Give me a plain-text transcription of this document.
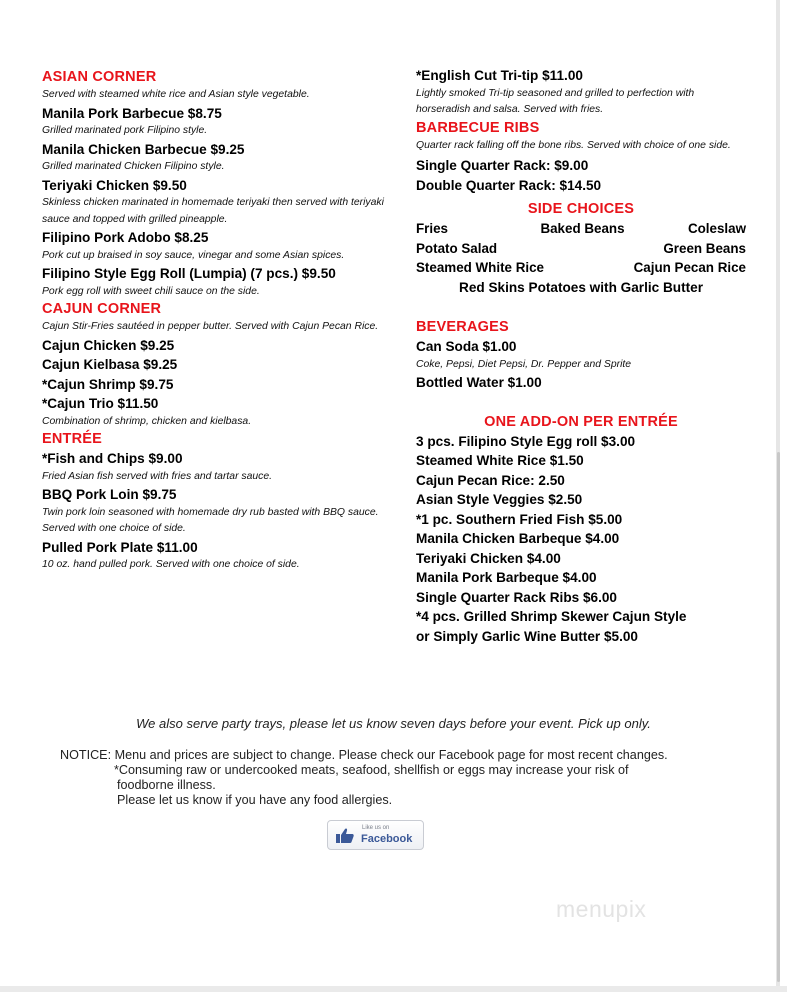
ASIAN CORNER
Served with steamed white rice and Asian style vegetable.
Manila Pork Barbecue $8.75
Grilled marinated pork Filipino style.
Manila Chicken Barbecue $9.25
Grilled marinated Chicken Filipino style.
Teriyaki Chicken $9.50
Skinless chicken marinated in homemade teriyaki then served with teriyaki sauce and topped with grilled pineapple.
Filipino Pork Adobo $8.25
Pork cut up braised in soy sauce, vinegar and some Asian spices.
Filipino Style Egg Roll (Lumpia) (7 pcs.) $9.50
Pork egg roll with sweet chili sauce on the side.
CAJUN CORNER
Cajun Stir-Fries sautéed in pepper butter. Served with Cajun Pecan Rice.
Cajun Chicken $9.25
Cajun Kielbasa $9.25
*Cajun Shrimp $9.75
*Cajun Trio $11.50
Combination of shrimp, chicken and kielbasa.
ENTRÉE
*Fish and Chips $9.00
Fried Asian fish served with fries and tartar sauce.
BBQ Pork Loin $9.75
Twin pork loin seasoned with homemade dry rub basted with BBQ sauce. Served with one choice of side.
Pulled Pork Plate $11.00
10 oz. hand pulled pork. Served with one choice of side.
*English Cut Tri-tip $11.00
Lightly smoked Tri-tip seasoned and grilled to perfection with horseradish and salsa. Served with fries.
BARBECUE RIBS
Quarter rack falling off the bone ribs. Served with choice of one side.
Single Quarter Rack: $9.00
Double Quarter Rack: $14.50
SIDE CHOICES
Fries	Baked Beans	Coleslaw
Potato Salad	Green Beans
Steamed White Rice	Cajun Pecan Rice
Red Skins Potatoes with Garlic Butter
BEVERAGES
Can Soda $1.00
Coke, Pepsi, Diet Pepsi, Dr. Pepper and Sprite
Bottled Water $1.00
ONE ADD-ON PER ENTRÉE
3 pcs. Filipino Style Egg roll $3.00
Steamed White Rice $1.50
Cajun Pecan Rice: 2.50
Asian Style Veggies $2.50
*1 pc. Southern Fried Fish $5.00
Manila Chicken Barbeque $4.00
Teriyaki Chicken $4.00
Manila Pork Barbeque $4.00
Single Quarter Rack Ribs $6.00
*4 pcs. Grilled Shrimp Skewer Cajun Style
or Simply Garlic Wine Butter $5.00
We also serve party trays, please let us know seven days before your event. Pick up only.
NOTICE: Menu and prices are subject to change. Please check our Facebook page for most recent changes.
*Consuming raw or undercooked meats, seafood, shellfish or eggs may increase your risk of
foodborne illness.
Please let us know if you have any food allergies.
Like us on
Facebook
menupix
